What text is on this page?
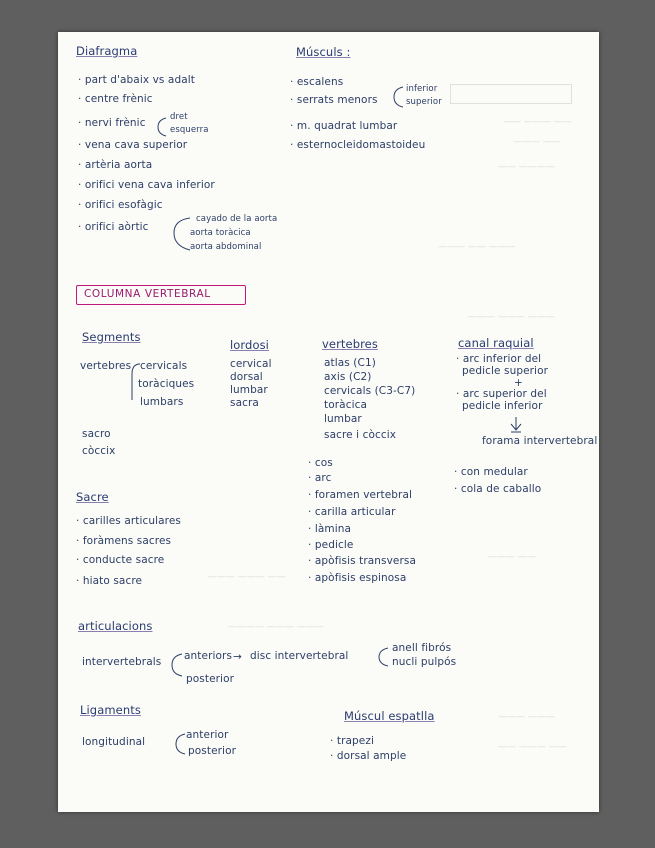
—— ——— ——
——— ——
—— ————
——— —— ———
——— ——— ———
——— ——— ——
———— ——— ———
——— ——
——— ———
—— ——— ——
Diafragma
· part d'abaix vs adalt
· centre frènic
· nervi frènic	dret
esquerra
· vena cava superior
· artèria aorta
· orifici vena cava inferior
· orifici esofàgic
· orifici aòrtic
cayado de la aorta
aorta toràcica
aorta abdominal
Músculs :
· escalens
· serrats menors
inferior
superior
· m. quadrat lumbar
· esternocleidomastoideu
COLUMNA VERTEBRAL
Segments
vertebres cervicals
toràciques
lumbars
sacro
còccix
lordosi
cervical
dorsal
lumbar
sacra
vertebres
atlas (C1)
axis (C2)
cervicals (C3-C7)
toràcica
lumbar
sacre i còccix
· cos
· arc
· foramen vertebral
· carilla articular
· làmina
· pedicle
· apòfisis transversa
· apòfisis espinosa
canal raquial
· arc inferior del
pedicle superior
+
· arc superior del
pedicle inferior
forama intervertebral
· con medular
· cola de caballo
Sacre
· carilles articulares
· foràmens sacres
· conducte sacre
· hiato sacre
articulacions
intervertebrals anteriors → disc intervertebral
anell fibrós
nucli pulpós
posterior
Ligaments
longitudinal
anterior
posterior
Múscul espatlla
· trapezi
· dorsal ample
